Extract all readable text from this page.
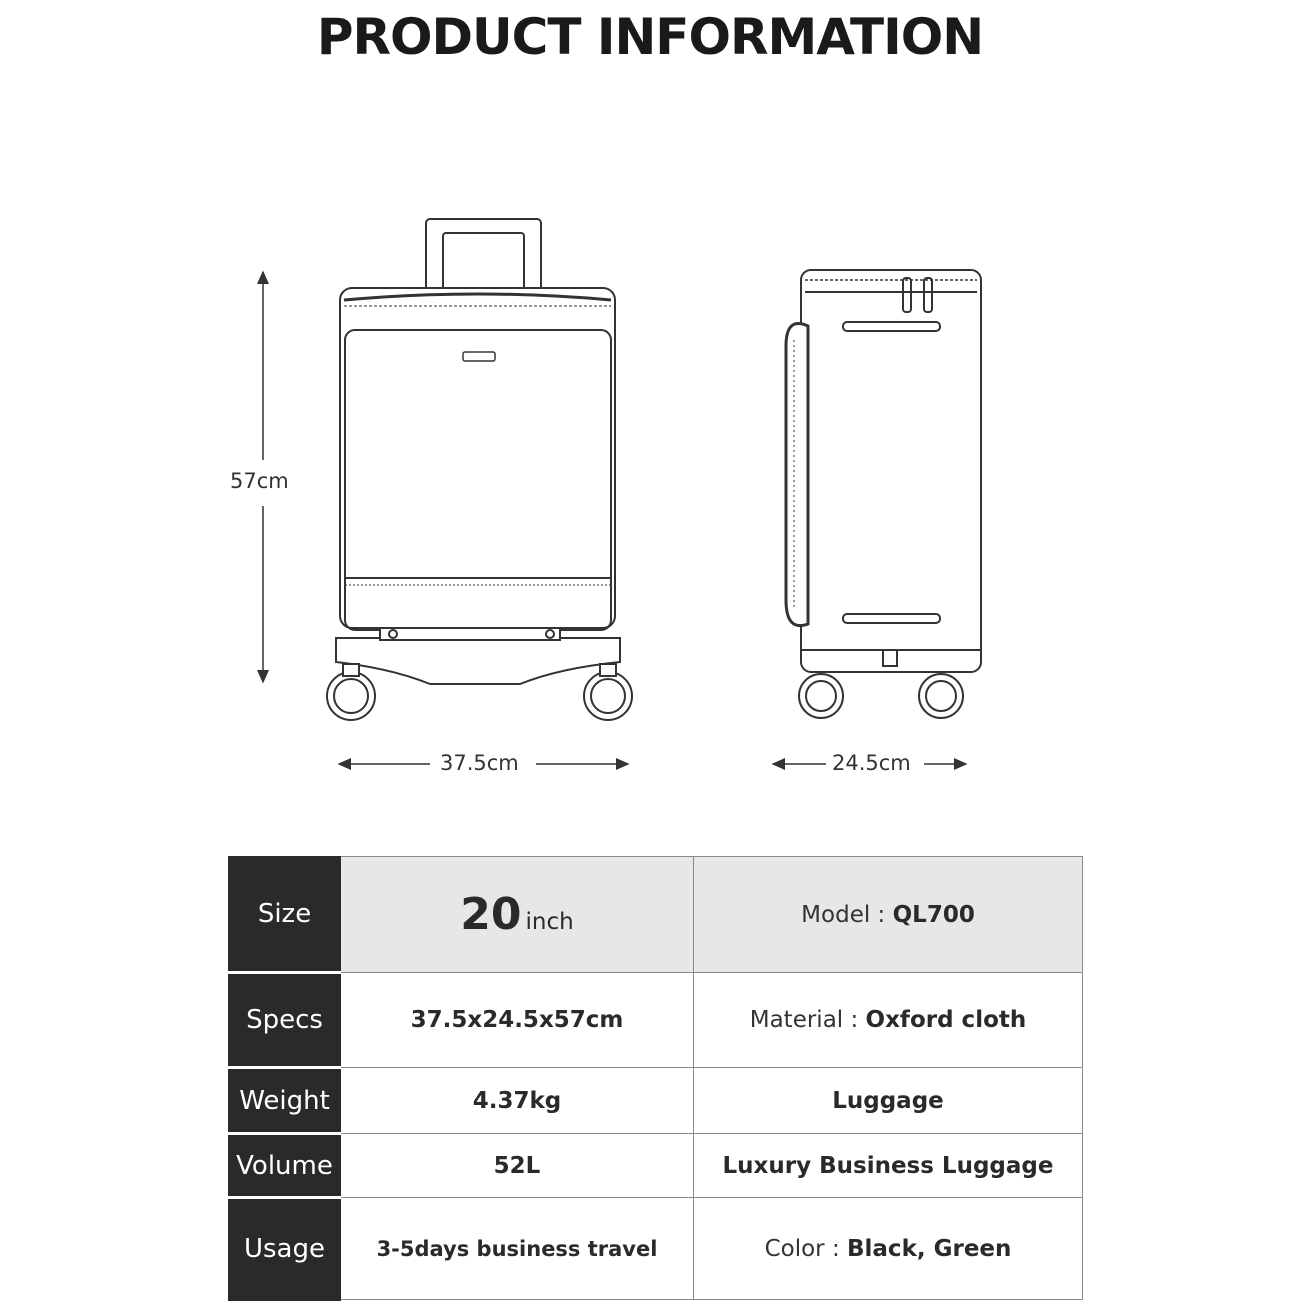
PRODUCT INFORMATION
57cm
37.5cm	24.5cm
Size	20 inch	Model : QL700
Specs	37.5x24.5x57cm	Material : Oxford cloth
Weight	4.37kg	Luggage
Volume	52L	Luxury Business Luggage
Usage	3-5days business travel	Color : Black, Green
